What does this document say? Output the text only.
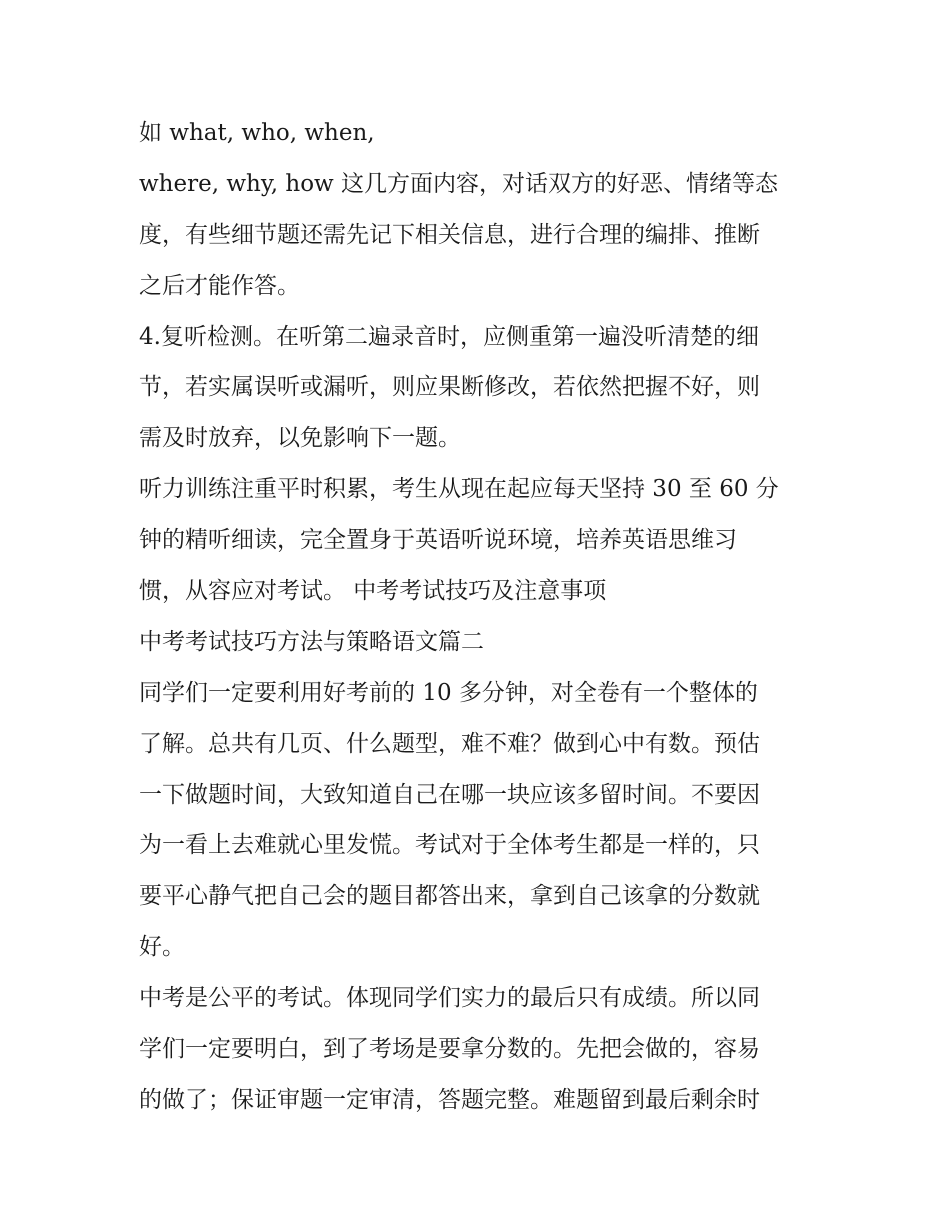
如 what, who, when,
where, why, how 这几方面内容，对话双方的好恶、情绪等态
度，有些细节题还需先记下相关信息，进行合理的编排、推断
之后才能作答。
4.复听检测。在听第二遍录音时，应侧重第一遍没听清楚的细
节，若实属误听或漏听，则应果断修改，若依然把握不好，则
需及时放弃，以免影响下一题。
听力训练注重平时积累，考生从现在起应每天坚持 30 至 60 分
钟的精听细读，完全置身于英语听说环境，培养英语思维习
惯，从容应对考试。 中考考试技巧及注意事项
中考考试技巧方法与策略语文篇二
同学们一定要利用好考前的 10 多分钟，对全卷有一个整体的
了解。总共有几页、什么题型，难不难？做到心中有数。预估
一下做题时间，大致知道自己在哪一块应该多留时间。不要因
为一看上去难就心里发慌。考试对于全体考生都是一样的，只
要平心静气把自己会的题目都答出来，拿到自己该拿的分数就
好。
中考是公平的考试。体现同学们实力的最后只有成绩。所以同
学们一定要明白，到了考场是要拿分数的。先把会做的，容易
的做了；保证审题一定审清，答题完整。难题留到最后剩余时
